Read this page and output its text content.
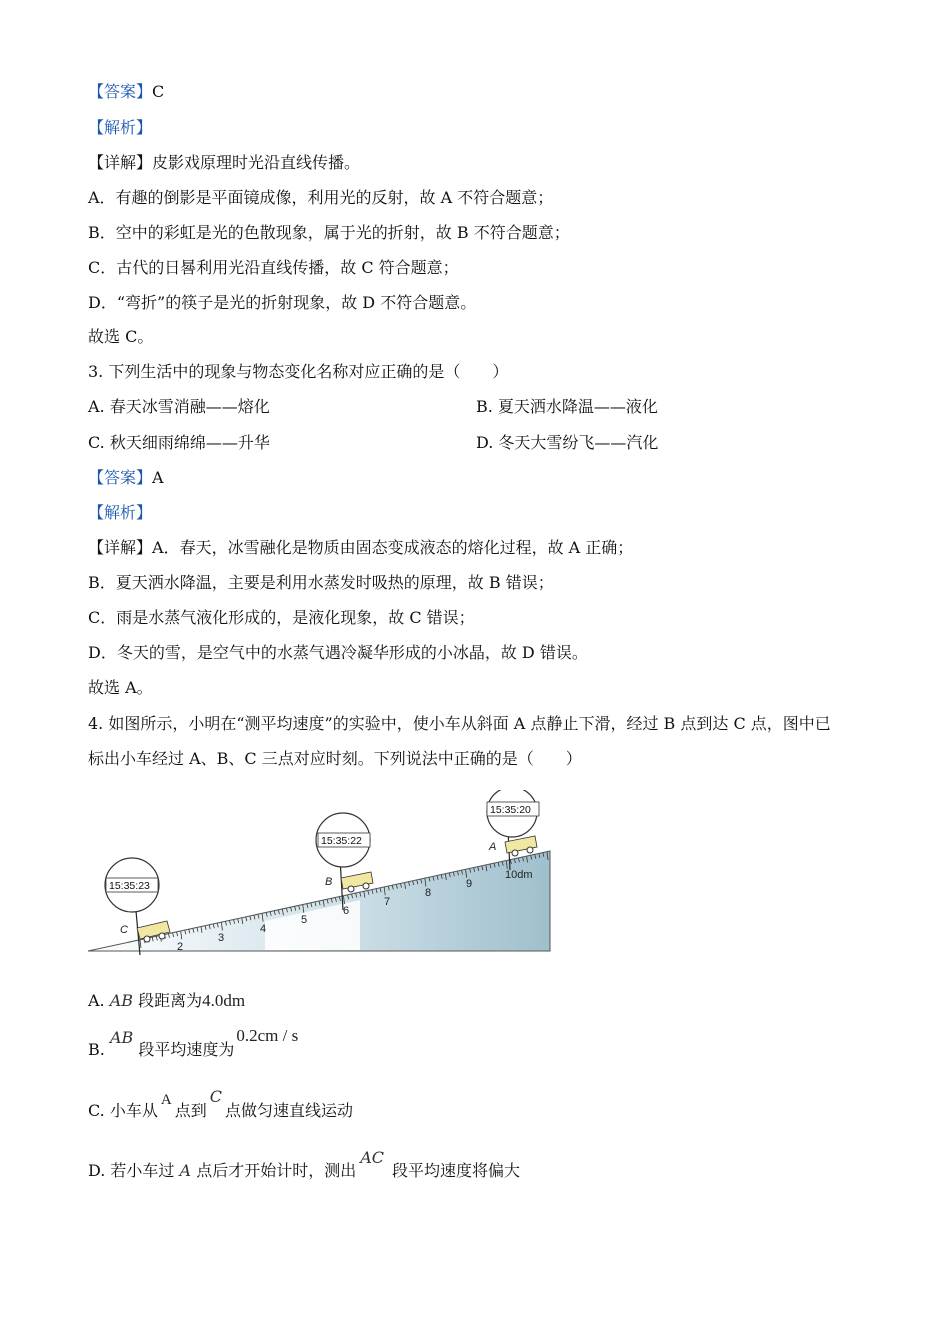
【答案】C
【解析】
【详解】皮影戏原理时光沿直线传播。
A．有趣的倒影是平面镜成像，利用光的反射，故 A 不符合题意；
B．空中的彩虹是光的色散现象，属于光的折射，故 B 不符合题意；
C．古代的日晷利用光沿直线传播，故 C 符合题意；
D．“弯折”的筷子是光的折射现象，故 D 不符合题意。
故选 C。
3. 下列生活中的现象与物态变化名称对应正确的是（　　）
A. 春天冰雪消融——熔化	B. 夏天洒水降温——液化
C. 秋天细雨绵绵——升华	D. 冬天大雪纷飞——汽化
【答案】A
【解析】
【详解】A．春天，冰雪融化是物质由固态变成液态的熔化过程，故 A 正确；
B．夏天洒水降温，主要是利用水蒸发时吸热的原理，故 B 错误；
C．雨是水蒸气液化形成的，是液化现象，故 C 错误；
D．冬天的雪，是空气中的水蒸气遇冷凝华形成的小冰晶，故 D 错误。
故选 A。
4. 如图所示，小明在“测平均速度”的实验中，使小车从斜面 A 点静止下滑，经过 B 点到达 C 点，图中已
标出小车经过 A、B、C 三点对应时刻。下列说法中正确的是（　　）
2
3
4
5
6
7
8
9
10dm
C
15:35:23	B
15:35:22	A
15:35:20
A. AB 段距离为4.0dm
B. AB 段平均速度为0.2cm / s
C. 小车从A点到C点做匀速直线运动
D. 若小车过 A 点后才开始计时，测出AC段平均速度将偏大
